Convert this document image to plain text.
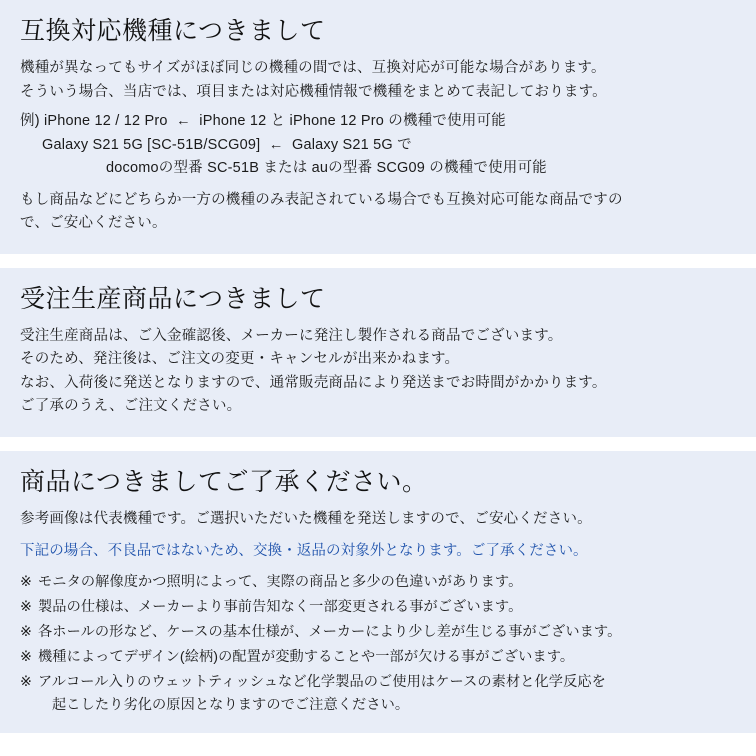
互換対応機種につきまして

機種が異なってもサイズがほぼ同じの機種の間では、互換対応が可能な場合があります。

そういう場合、当店では、項目または対応機種情報で機種をまとめて表記しております。

例) iPhone 12 / 12 Pro  ←  iPhone 12 と iPhone 12 Pro の機種で使用可能
Galaxy S21 5G [SC-51B/SCG09]  ←  Galaxy S21 5G で
docomoの型番 SC-51B または auの型番 SCG09 の機種で使用可能

もし商品などにどちらか一方の機種のみ表記されている場合でも互換対応可能な商品ですの

で、ご安心ください。

受注生産商品につきまして

受注生産商品は、ご入金確認後、メーカーに発注し製作される商品でございます。

そのため、発注後は、ご注文の変更・キャンセルが出来かねます。

なお、入荷後に発送となりますので、通常販売商品により発送までお時間がかかります。

ご了承のうえ、ご注文ください。

商品につきましてご了承ください。

参考画像は代表機種です。ご選択いただいた機種を発送しますので、ご安心ください。

下記の場合、不良品ではないため、交換・返品の対象外となります。ご了承ください。

※ モニタの解像度かつ照明によって、実際の商品と多少の色違いがあります。
※ 製品の仕様は、メーカーより事前告知なく一部変更される事がございます。
※ 各ホールの形など、ケースの基本仕様が、メーカーにより少し差が生じる事がございます。
※ 機種によってデザイン(絵柄)の配置が変動することや一部が欠ける事がございます。
※ アルコール入りのウェットティッシュなど化学製品のご使用はケースの素材と化学反応を
起こしたり劣化の原因となりますのでご注意ください。
